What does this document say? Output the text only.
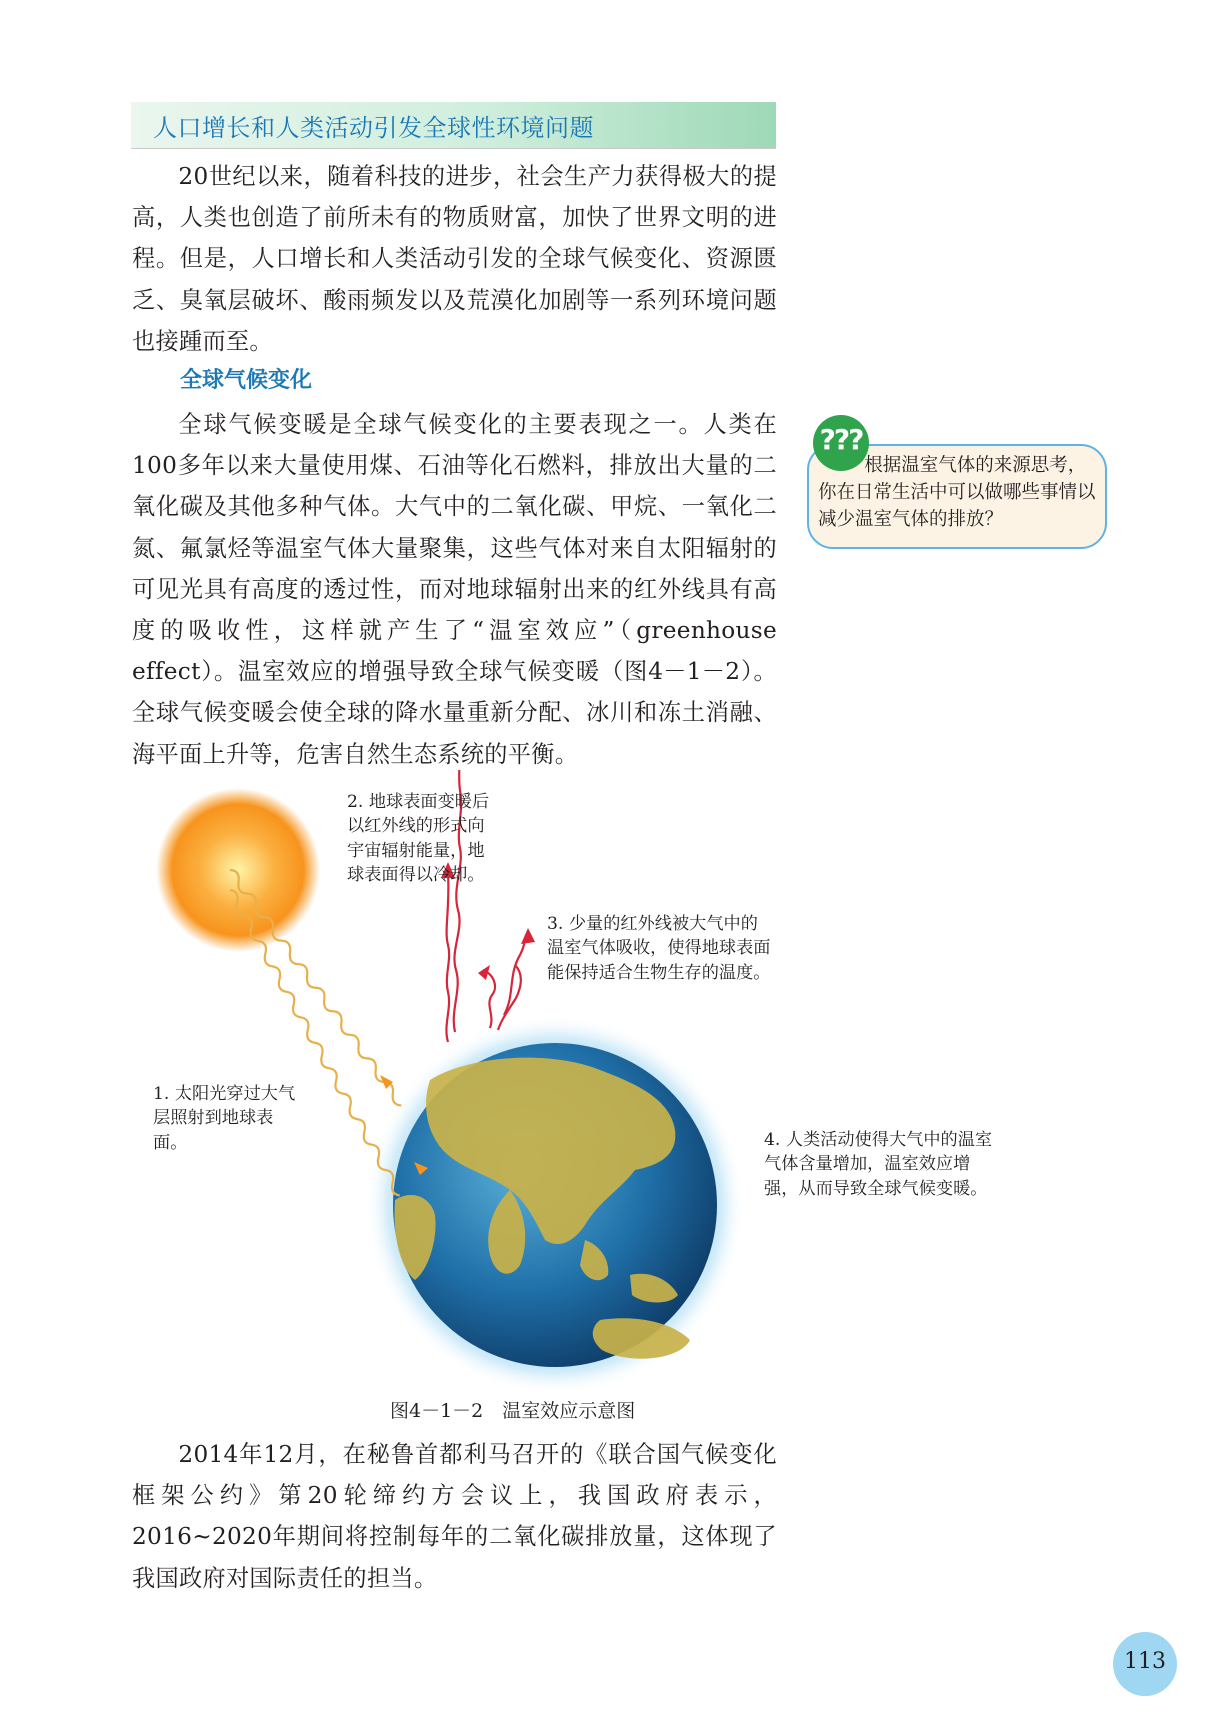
人口增长和人类活动引发全球性环境问题

20世纪以来，随着科技的进步，社会生产力获得极大的提高，人类也创造了前所未有的物质财富，加快了世界文明的进程。但是，人口增长和人类活动引发的全球气候变化、资源匮乏、臭氧层破坏、酸雨频发以及荒漠化加剧等一系列环境问题也接踵而至。

全球气候变化

全球气候变暖是全球气候变化的主要表现之一。人类在100多年以来大量使用煤、石油等化石燃料，排放出大量的二氧化碳及其他多种气体。大气中的二氧化碳、甲烷、一氧化二氮、氟氯烃等温室气体大量聚集，这些气体对来自太阳辐射的可见光具有高度的透过性，而对地球辐射出来的红外线具有高度的吸收性，这样就产生了“温室效应”（greenhouse effect）。温室效应的增强导致全球气候变暖（图4－1－2）。全球气候变暖会使全球的降水量重新分配、冰川和冻土消融、海平面上升等，危害自然生态系统的平衡。

???

根据温室气体的来源思考，你在日常生活中可以做哪些事情以减少温室气体的排放？

2. 地球表面变暖后以红外线的形式向宇宙辐射能量，地球表面得以冷却。

3. 少量的红外线被大气中的温室气体吸收，使得地球表面能保持适合生物生存的温度。

1. 太阳光穿过大气层照射到地球表面。	4. 人类活动使得大气中的温室气体含量增加，温室效应增强，从而导致全球气候变暖。

图4－1－2　温室效应示意图

2014年12月，在秘鲁首都利马召开的《联合国气候变化框架公约》第20轮缔约方会议上，我国政府表示，2016~2020年期间将控制每年的二氧化碳排放量，这体现了我国政府对国际责任的担当。

113
